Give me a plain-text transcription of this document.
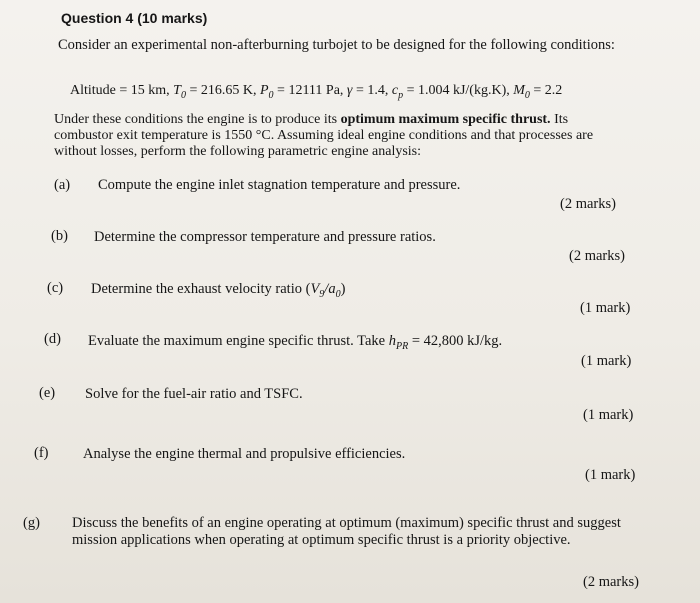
Question 4 (10 marks)
Consider an experimental non-afterburning turbojet to be designed for the following conditions:
Altitude = 15 km, $T_0 = 216.65$ K, $P_0 = 12111$ Pa, γ = 1.4, $c_p = 1.004$ kJ/(kg.K), $M_0 = 2.2$
Under these conditions the engine is to produce its optimum maximum specific thrust. Its combustor exit temperature is 1550 °C. Assuming ideal engine conditions and that processes are without losses, perform the following parametric engine analysis:
(a) Compute the engine inlet stagnation temperature and pressure.
(2 marks)
(b) Determine the compressor temperature and pressure ratios.
(2 marks)
(c) Determine the exhaust velocity ratio $(V_9/a_0)$
(1 mark)
(d) Evaluate the maximum engine specific thrust. Take $h_{PR} = 42,800$ kJ/kg.
(1 mark)
(e) Solve for the fuel-air ratio and TSFC.
(1 mark)
(f) Analyse the engine thermal and propulsive efficiencies.
(1 mark)
(g) Discuss the benefits of an engine operating at optimum (maximum) specific thrust and suggest mission applications when operating at optimum specific thrust is a priority objective.
(2 marks)
